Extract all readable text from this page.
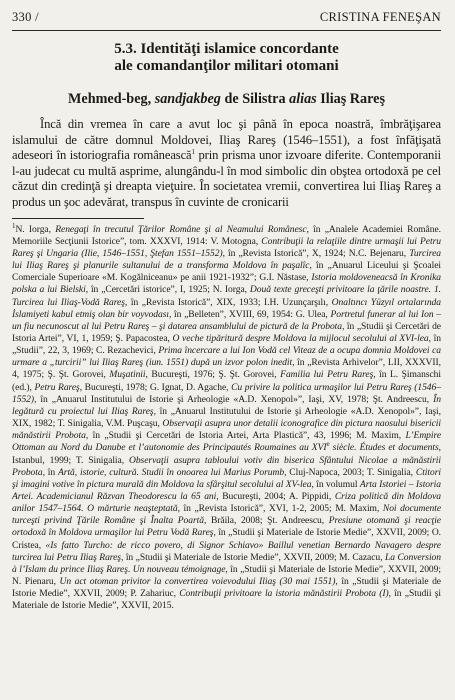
330 /	CRISTINA FENEŞAN
5.3. Identităţi islamice concordante
ale comandanţilor militari otomani
Mehmed-beg, sandjakbeg de Silistra alias Iliaş Rareş

Încă din vremea în care a avut loc şi până în epoca noastră, îmbrăţişarea islamului de către domnul Moldovei, Iliaş Rareş (1546–1551), a fost înfăţişată adeseori în istoriografia românească$^1$ prin prisma unor izvoare diferite. Contemporanii l-au judecat cu multă asprime, alungându-l în mod simbolic din obştea ortodoxă pe cel căzut din credinţă şi dreapta vieţuire. În societatea vremii, convertirea lui Iliaş Rareş a produs un şoc adevărat, transpus în cuvinte de cronicarii

$^1$N. Iorga, Renegaţi în trecutul Ţărilor Române şi al Neamului Românesc, în „Analele Academiei Române. Memoriile Secţiunii Istorice”, tom. XXXVI, 1914: V. Motogna, Contribuţii la relaţiile dintre urmaşii lui Petru Rareş şi Ungaria (Ilie, 1546–1551, Ştefan 1551–1552), în „Revista Istorică”, X, 1924; N.C. Bejenaru, Turcirea lui Iliaş Rareş şi planurile sultanului de a transforma Moldova în paşalîc, în „Anuarul Liceului şi Şcoalei Comerciale Superioare «M. Kogălniceanu» pe anii 1921-1932”; G.I. Năstase, Istoria moldoveneacsă în Kronika polska a lui Bielski, în „Cercetări istorice”, I, 1925; N. Iorga, Două texte greceşti privitoare la ţările noastre. 1. Turcirea lui Iliaş-Vodă Rareş, în „Revista Istorică”, XIX, 1933; I.H. Uzunçarşılı, Onaltıncı Yüzyıl ortalarında İslamiyeti kabul etmiş olan bir voyvodası, în „Belleten”, XVIII, 69, 1954: G. Ulea, Portretul funerar al lui Ion – un fiu necunoscut al lui Petru Rareş – şi datarea ansamblului de pictură de la Probota, în „Studii şi Cercetări de Istoria Artei”, VI, 1, 1959; Ş. Papacostea, O veche tipăritură despre Moldova la mijlocul secolului al XVI-lea, în „Studii”, 22, 3, 1969; C. Rezachevici, Prima încercare a lui Ion Vodă cel Viteaz de a ocupa domnia Moldovei ca urmare a „turcirii” lui Iliaş Rareş (iun. 1551) după un izvor polon inedit, în „Revista Arhivelor”, LII, XXXVII, 4, 1975; Ş. Şt. Gorovei, Muşatinii, Bucureşti, 1976; Ş. Şt. Gorovei, Familia lui Petru Rareş, în L. Şimanschi (ed.), Petru Rareş, Bucureşti, 1978; G. Ignat, D. Agache, Cu privire la politica urmaşilor lui Petru Rareş (1546–1552), în „Anuarul Institutului de Istorie şi Arheologie «A.D. Xenopol»”, Iaşi, XV, 1978; Şt. Andreescu, În legătură cu proiectul lui Iliaş Rareş, în „Anuarul Institutului de Istorie şi Arheologie «A.D. Xenopol»”, Iaşi, XIX, 1982; T. Sinigalia, V.M. Puşcaşu, Observaţii asupra unor detalii iconografice din pictura naosului bisericii mănăstirii Probota, în „Studii şi Cercetări de Istoria Artei, Arta Plastică”, 43, 1996; M. Maxim, L’Empire Ottoman au Nord du Danube et l’autonomie des Principautés Roumaines au XVIe siècle. Études et documents, Istanbul, 1999; T. Sinigalia, Observaţii asupra tabloului votiv din biserica Sfântului Nicolae a mănăstirii Probota, în Artă, istorie, cultură. Studii în onoarea lui Marius Porumb, Cluj-Napoca, 2003; T. Sinigalia, Ctitori şi imagini votive în pictura murală din Moldova la sfârşitul secolului al XV-lea, în volumul Arta Istoriei – Istoria Artei. Academicianul Răzvan Theodorescu la 65 ani, Bucureşti, 2004; A. Pippidi, Criza politică din Moldova anilor 1547–1564. O mărturie neaşteptată, în „Revista Istorică”, XVI, 1-2, 2005; M. Maxim, Noi documente turceşti privind Ţările Române şi Înalta Poartă, Brăila, 2008; Şt. Andreescu, Presiune otomană şi reacţie ortodoxă în Moldova urmaşilor lui Petru Vodă Rareş, în „Studii şi Materiale de Istorie Medie”, XXVII, 2009; O. Cristea, «Is fatto Turcho: de ricco povero, di Signor Schiavo» Baillul venetian Bernardo Navagero despre turcirea lui Petru Iliaş Rareş, în „Studii şi Materiale de Istorie Medie”, XXVII, 2009; M. Cazacu, La Conversion à l’Islam du prince Iliaş Rareş. Un nouveau témoignage, în „Studii şi Materiale de Istorie Medie”, XXVII, 2009; N. Pienaru, Un act otoman privitor la convertirea voievodului Iliaş (30 mai 1551), în „Studii şi Materiale de Istorie Medie”, XXVII, 2009; P. Zahariuc, Contribuţii privitoare la istoria mănăstirii Probota (I), în „Studii şi Materiale de Istorie Medie”, XXVII, 2015.
